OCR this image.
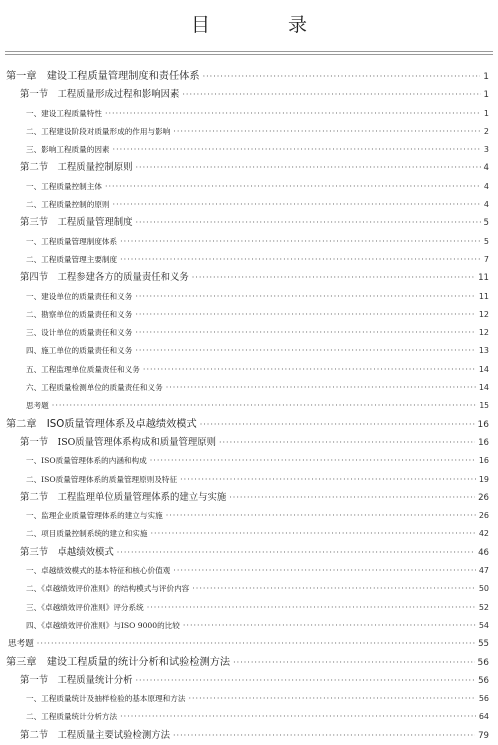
目 录
第一章　建设工程质量管理制度和责任体系 ·····	1
第一节　工程质量形成过程和影响因素 ·····	1
一、建设工程质量特性 ·····	1
二、工程建设阶段对质量形成的作用与影响 ·····	2
三、影响工程质量的因素 ·····	3
第二节　工程质量控制原则 ·····	4
一、工程质量控制主体 ·····	4
二、工程质量控制的原则 ·····	4
第三节　工程质量管理制度 ·····	5
一、工程质量管理制度体系 ·····	5
二、工程质量管理主要制度 ·····	7
第四节　工程参建各方的质量责任和义务 ·····	11
一、建设单位的质量责任和义务 ·····	11
二、勘察单位的质量责任和义务 ·····	12
三、设计单位的质量责任和义务 ·····	12
四、施工单位的质量责任和义务 ·····	13
五、工程监理单位质量责任和义务 ·····	14
六、工程质量检测单位的质量责任和义务 ·····	14
思考题 ·····	15
第二章　ISO质量管理体系及卓越绩效模式 ·····	16
第一节　ISO质量管理体系构成和质量管理原则 ·····	16
一、ISO质量管理体系的内涵和构成 ·····	16
二、ISO质量管理体系的质量管理原则及特征 ·····	19
第二节　工程监理单位质量管理体系的建立与实施 ·····	26
一、监理企业质量管理体系的建立与实施 ·····	26
二、项目质量控制系统的建立和实施 ·····	42
第三节　卓越绩效模式 ·····	46
一、卓越绩效模式的基本特征和核心价值观 ·····	47
二、《卓越绩效评价准则》的结构模式与评价内容 ·····	50
三、《卓越绩效评价准则》评分系统 ·····	52
四、《卓越绩效评价准则》与ISO 9000的比较 ·····	54
思考题 ·····	55
第三章　建设工程质量的统计分析和试验检测方法 ·····	56
第一节　工程质量统计分析 ·····	56
一、工程质量统计及抽样检验的基本原理和方法 ·····	56
二、工程质量统计分析方法 ·····	64
第二节　工程质量主要试验检测方法 ·····	79
